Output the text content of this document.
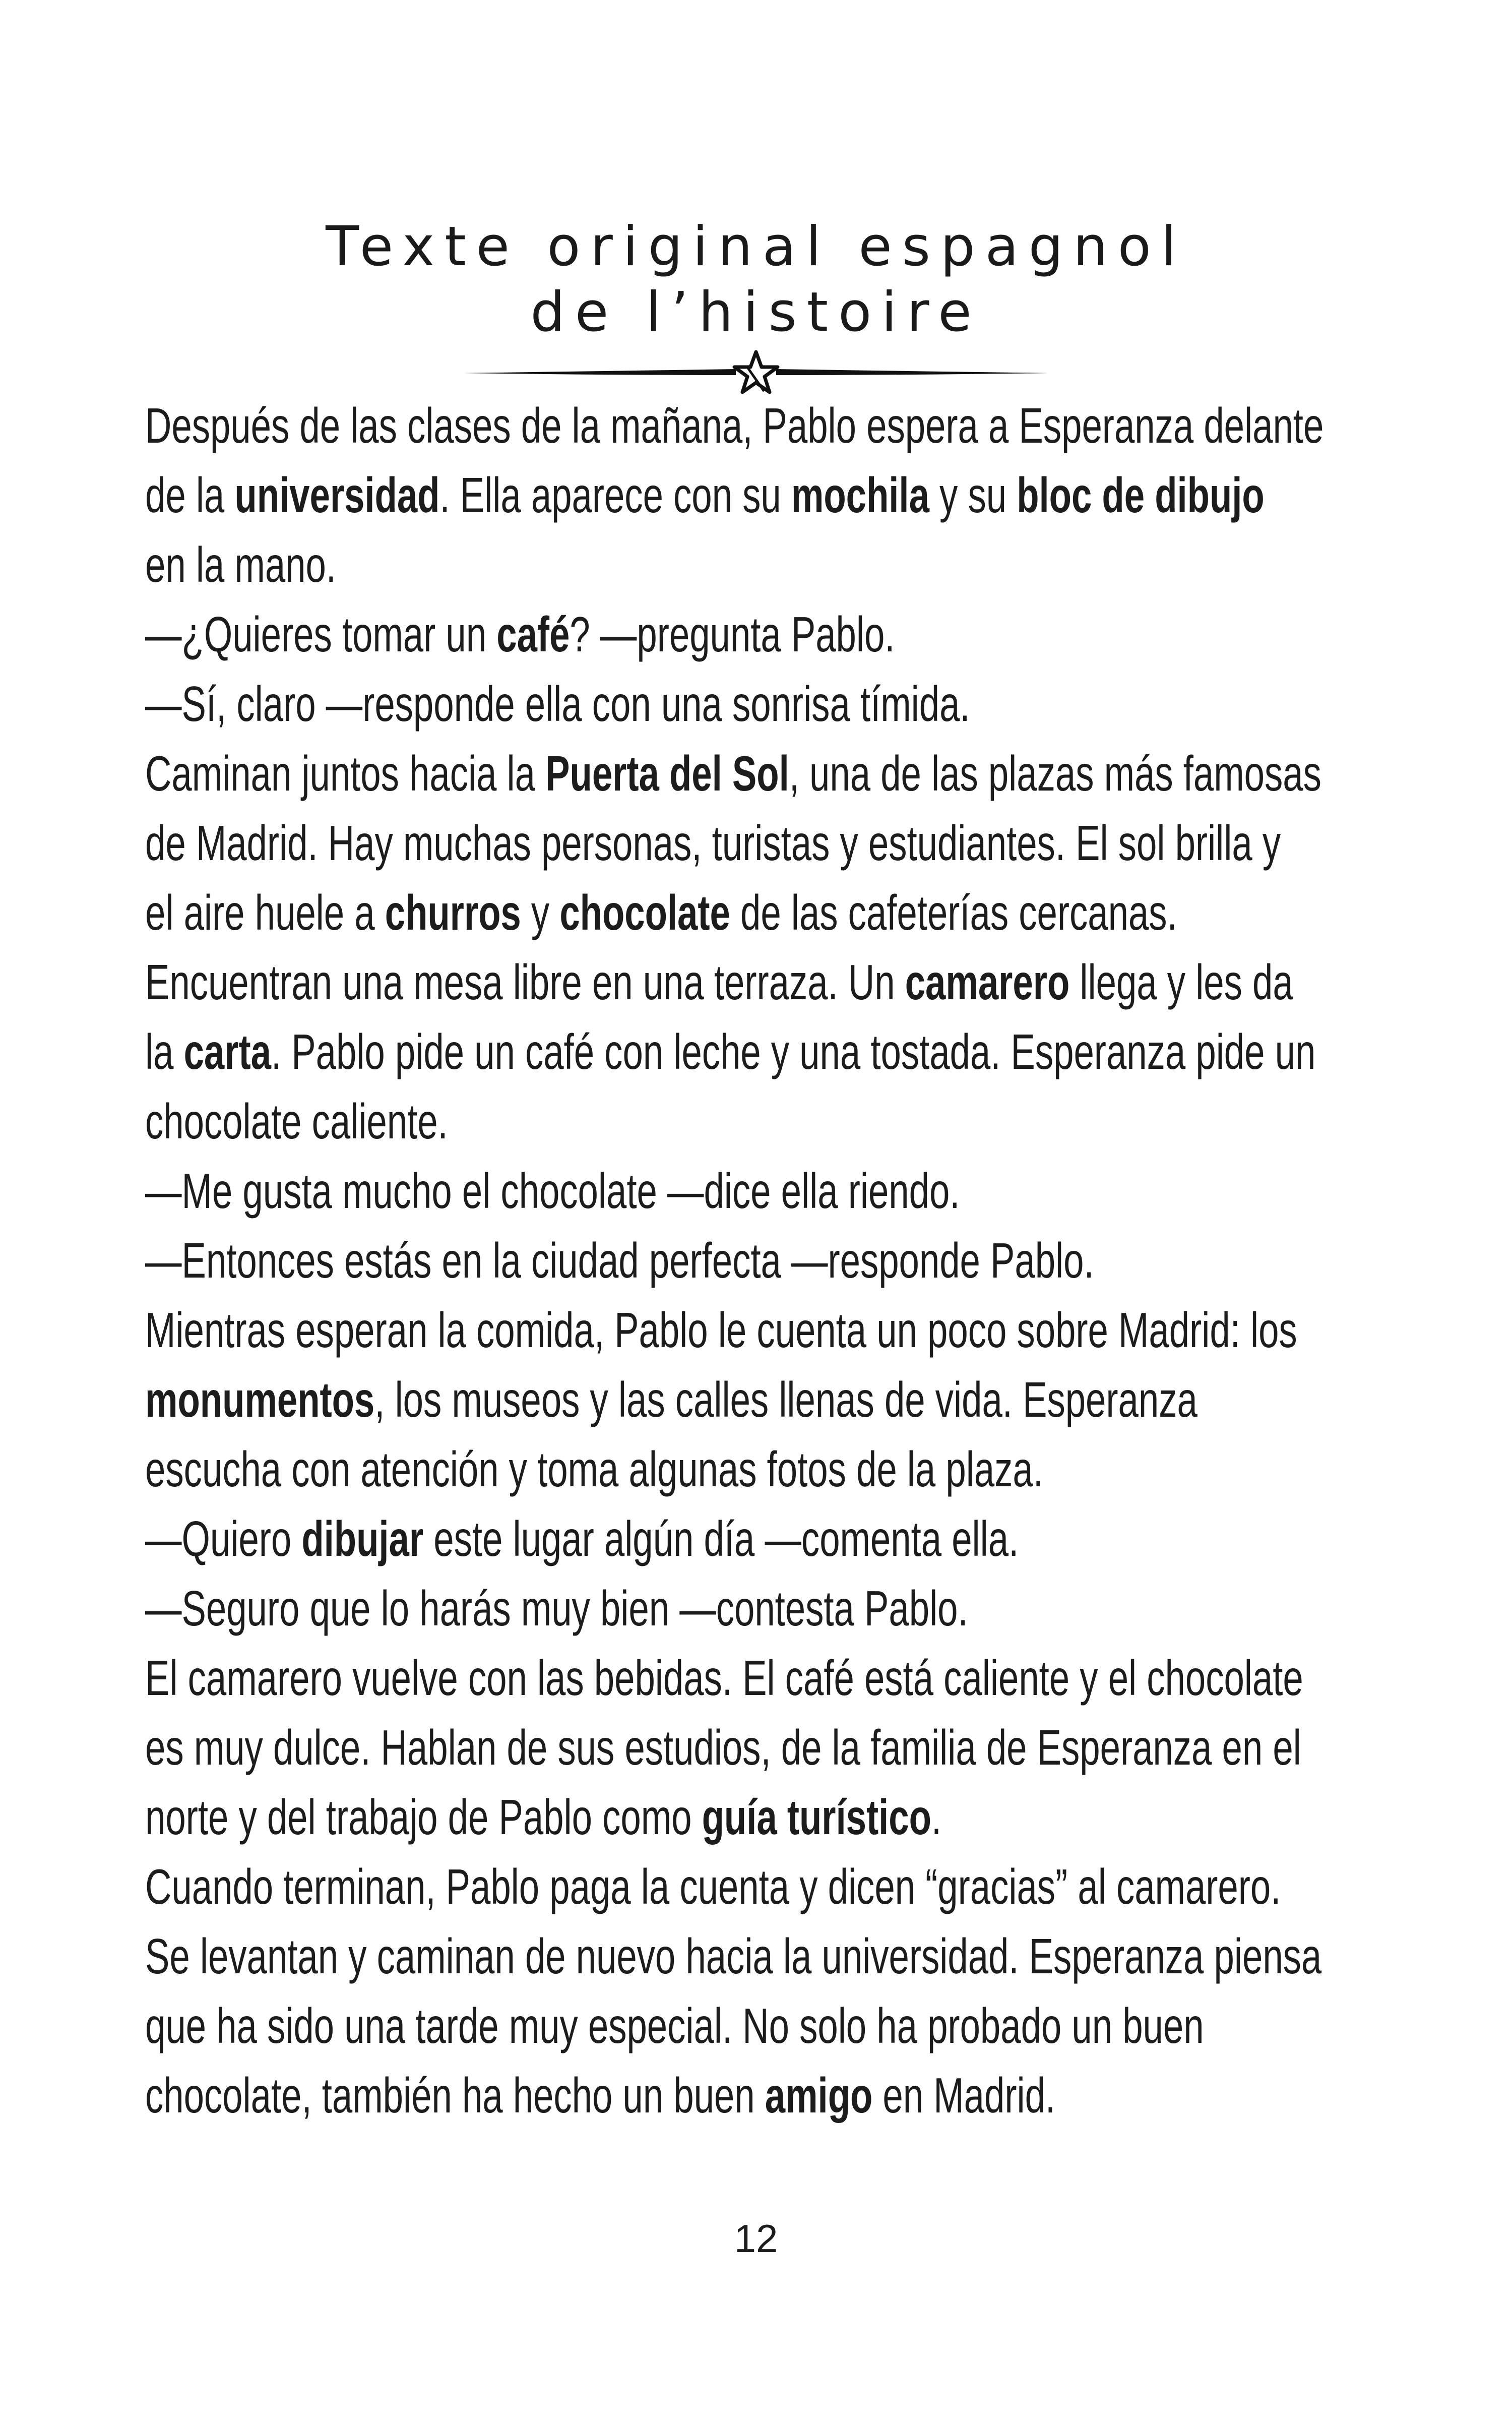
Texte original espagnol
de l’histoire

Después de las clases de la mañana, Pablo espera a Esperanza delante

de la universidad. Ella aparece con su mochila y su bloc de dibujo

en la mano.

—¿Quieres tomar un café? —pregunta Pablo.

—Sí, claro —responde ella con una sonrisa tímida.

Caminan juntos hacia la Puerta del Sol, una de las plazas más famosas

de Madrid. Hay muchas personas, turistas y estudiantes. El sol brilla y

el aire huele a churros y chocolate de las cafeterías cercanas.

Encuentran una mesa libre en una terraza. Un camarero llega y les da

la carta. Pablo pide un café con leche y una tostada. Esperanza pide un

chocolate caliente.

—Me gusta mucho el chocolate —dice ella riendo.

—Entonces estás en la ciudad perfecta —responde Pablo.

Mientras esperan la comida, Pablo le cuenta un poco sobre Madrid: los

monumentos, los museos y las calles llenas de vida. Esperanza

escucha con atención y toma algunas fotos de la plaza.

—Quiero dibujar este lugar algún día —comenta ella.

—Seguro que lo harás muy bien —contesta Pablo.

El camarero vuelve con las bebidas. El café está caliente y el chocolate

es muy dulce. Hablan de sus estudios, de la familia de Esperanza en el

norte y del trabajo de Pablo como guía turístico.

Cuando terminan, Pablo paga la cuenta y dicen “gracias” al camarero.

Se levantan y caminan de nuevo hacia la universidad. Esperanza piensa

que ha sido una tarde muy especial. No solo ha probado un buen

chocolate, también ha hecho un buen amigo en Madrid.

12
